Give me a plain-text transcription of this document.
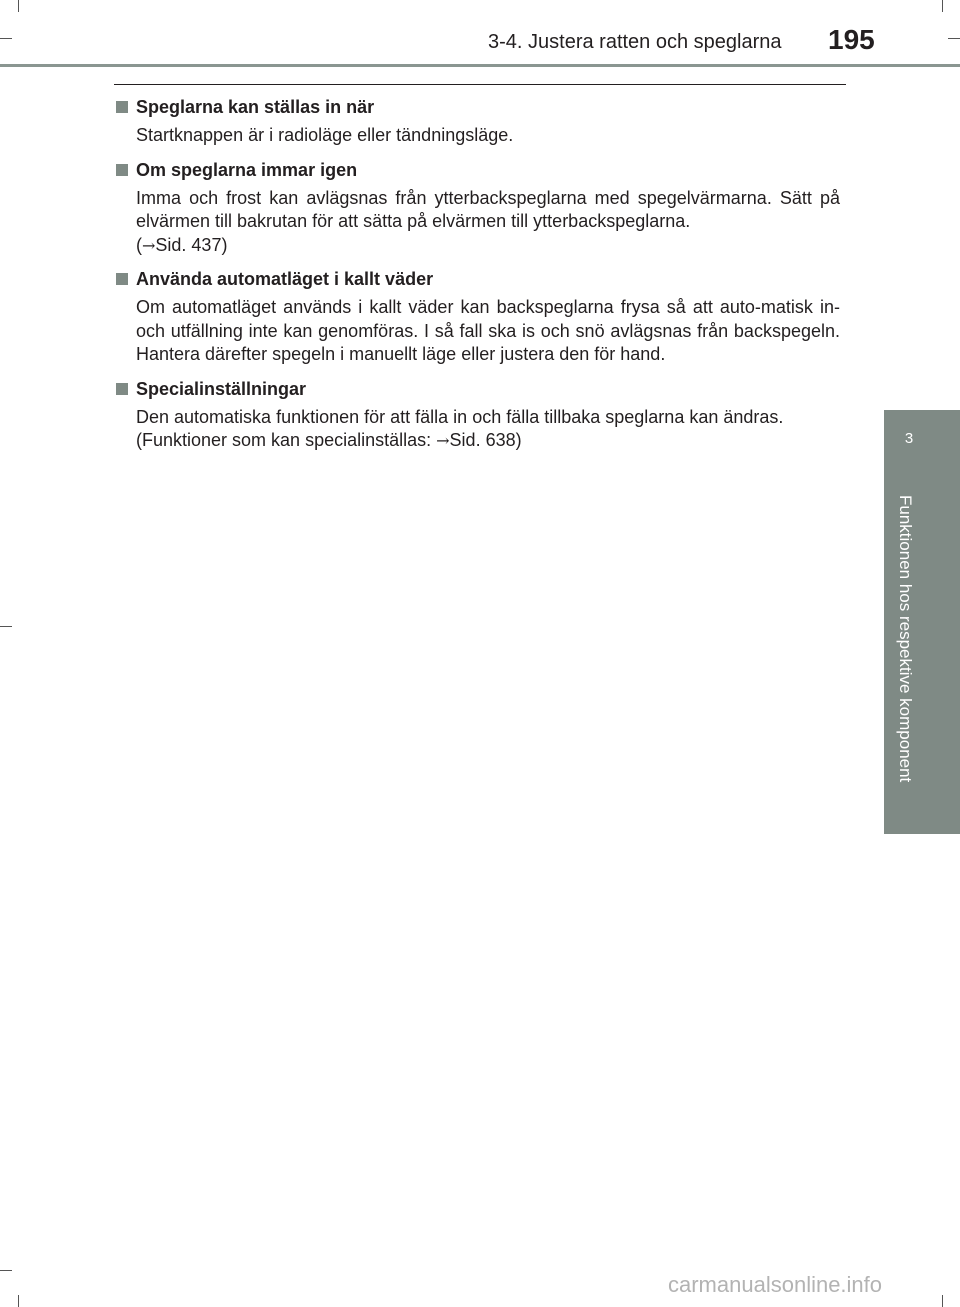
3-4. Justera ratten och speglarna 195
3
Funktionen hos respektive komponent
Speglarna kan ställas in när

Startknappen är i radioläge eller tändningsläge.

Om speglarna immar igen

Imma och frost kan avlägsnas från ytterbackspeglarna med spegelvärmarna. Sätt på elvärmen till bakrutan för att sätta på elvärmen till ytterbackspeglarna.

(→Sid. 437)

Använda automatläget i kallt väder

Om automatläget används i kallt väder kan backspeglarna frysa så att auto-matisk in- och utfällning inte kan genomföras. I så fall ska is och snö avlägsnas från backspegeln. Hantera därefter spegeln i manuellt läge eller justera den för hand.

Specialinställningar

Den automatiska funktionen för att fälla in och fälla tillbaka speglarna kan ändras.

(Funktioner som kan specialinställas: →Sid. 638)

carmanualsonline.info
